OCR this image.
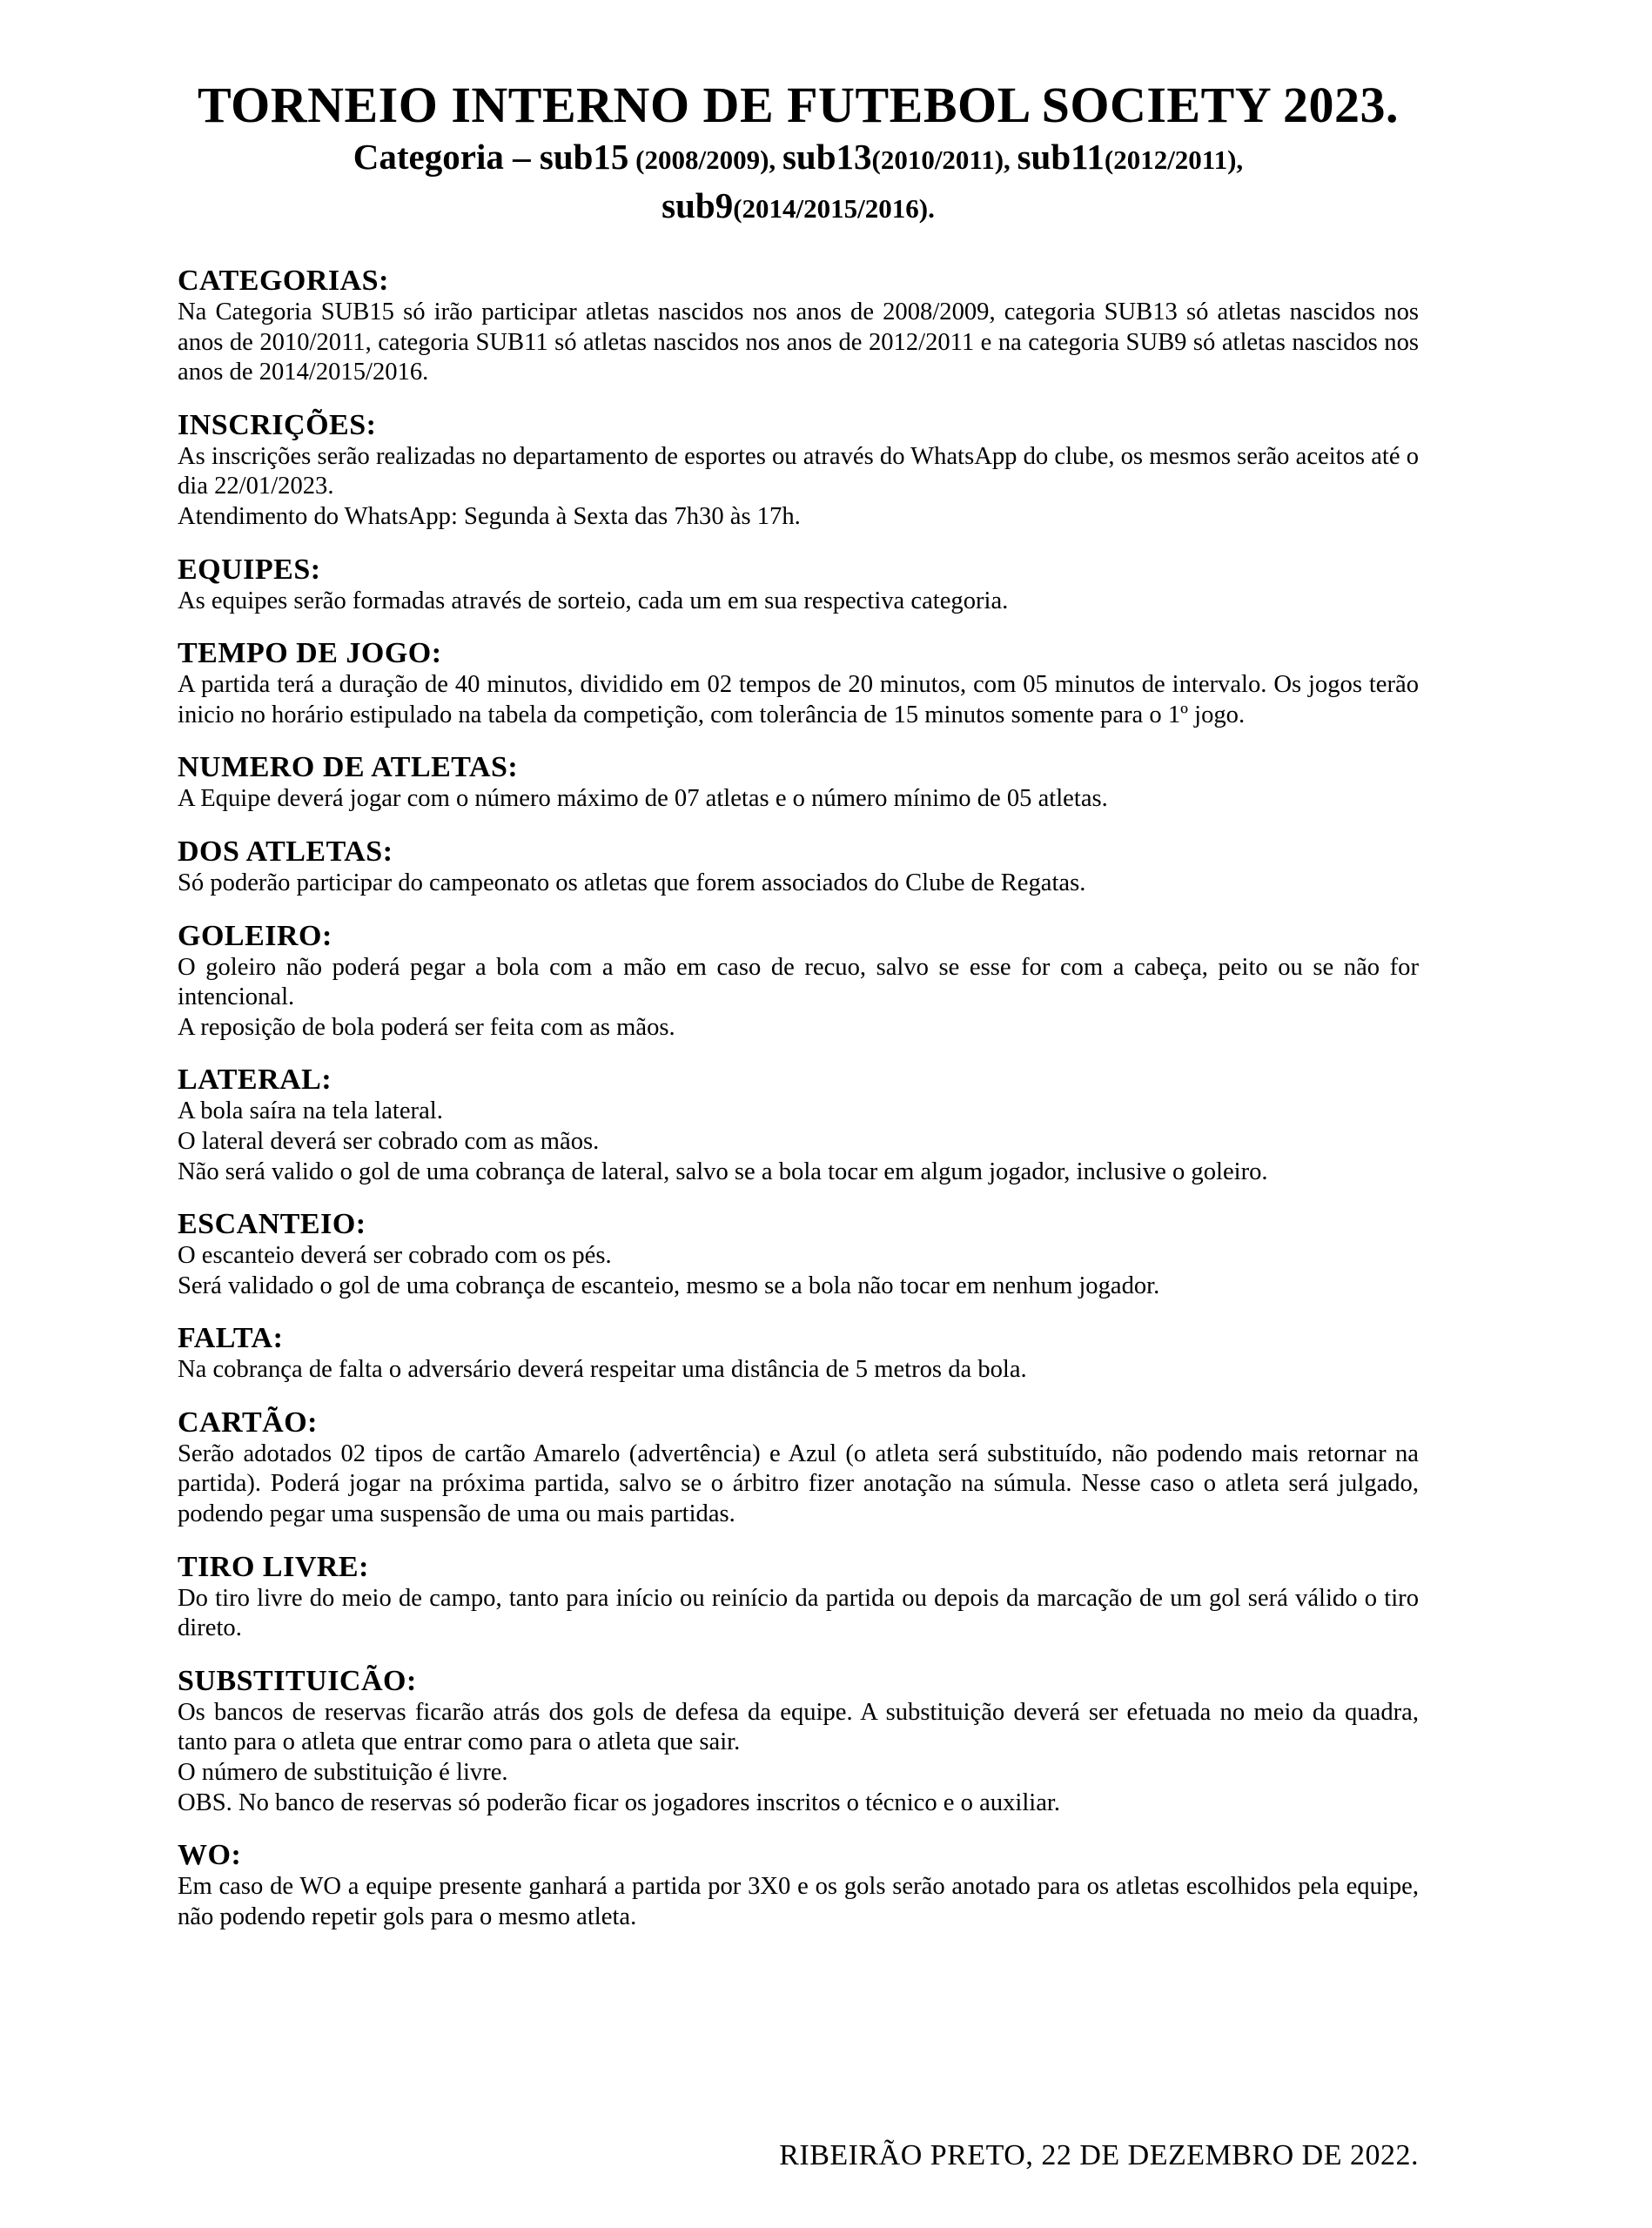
TORNEIO INTERNO DE FUTEBOL SOCIETY 2023.
Categoria – sub15 (2008/2009), sub13(2010/2011), sub11(2012/2011),
sub9(2014/2015/2016).
CATEGORIAS:
Na Categoria SUB15 só irão participar atletas nascidos nos anos de 2008/2009, categoria SUB13 só atletas nascidos nos anos de 2010/2011, categoria SUB11 só atletas nascidos nos anos de 2012/2011 e na categoria SUB9 só atletas nascidos nos anos de 2014/2015/2016.
INSCRIÇÕES:
As inscrições serão realizadas no departamento de esportes ou através do WhatsApp do clube, os mesmos serão aceitos até o dia 22/01/2023.
Atendimento do WhatsApp: Segunda à Sexta das 7h30 às 17h.
EQUIPES:
As equipes serão formadas através de sorteio, cada um em sua respectiva categoria.
TEMPO DE JOGO:
A partida terá a duração de 40 minutos, dividido em 02 tempos de 20 minutos, com 05 minutos de intervalo. Os jogos terão inicio no horário estipulado na tabela da competição, com tolerância de 15 minutos somente para o 1º jogo.
NUMERO DE ATLETAS:
A Equipe deverá jogar com o número máximo de 07 atletas e o número mínimo de 05 atletas.
DOS ATLETAS:
Só poderão participar do campeonato os atletas que forem associados do Clube de Regatas.
GOLEIRO:
O goleiro não poderá pegar a bola com a mão em caso de recuo, salvo se esse for com a cabeça, peito ou se não for intencional.
A reposição de bola poderá ser feita com as mãos.
LATERAL:
A bola saíra na tela lateral.
O lateral deverá ser cobrado com as mãos.
Não será valido o gol de uma cobrança de lateral, salvo se a bola tocar em algum jogador, inclusive o goleiro.
ESCANTEIO:
O escanteio deverá ser cobrado com os pés.
Será validado o gol de uma cobrança de escanteio, mesmo se a bola não tocar em nenhum jogador.
FALTA:
Na cobrança de falta o adversário deverá respeitar uma distância de 5 metros da bola.
CARTÃO:
Serão adotados 02 tipos de cartão Amarelo (advertência) e Azul (o atleta será substituído, não podendo mais retornar na partida). Poderá jogar na próxima partida, salvo se o árbitro fizer anotação na súmula. Nesse caso o atleta será julgado, podendo pegar uma suspensão de uma ou mais partidas.
TIRO LIVRE:
Do tiro livre do meio de campo, tanto para início ou reinício da partida ou depois da marcação de um gol será válido o tiro direto.
SUBSTITUICÃO:
Os bancos de reservas ficarão atrás dos gols de defesa da equipe. A substituição deverá ser efetuada no meio da quadra, tanto para o atleta que entrar como para o atleta que sair.
O número de substituição é livre.
OBS. No banco de reservas só poderão ficar os jogadores inscritos o técnico e o auxiliar.
WO:
Em caso de WO a equipe presente ganhará a partida por 3X0 e os gols serão anotado para os atletas escolhidos pela equipe, não podendo repetir gols para o mesmo atleta.
RIBEIRÃO PRETO, 22 DE DEZEMBRO DE 2022.
